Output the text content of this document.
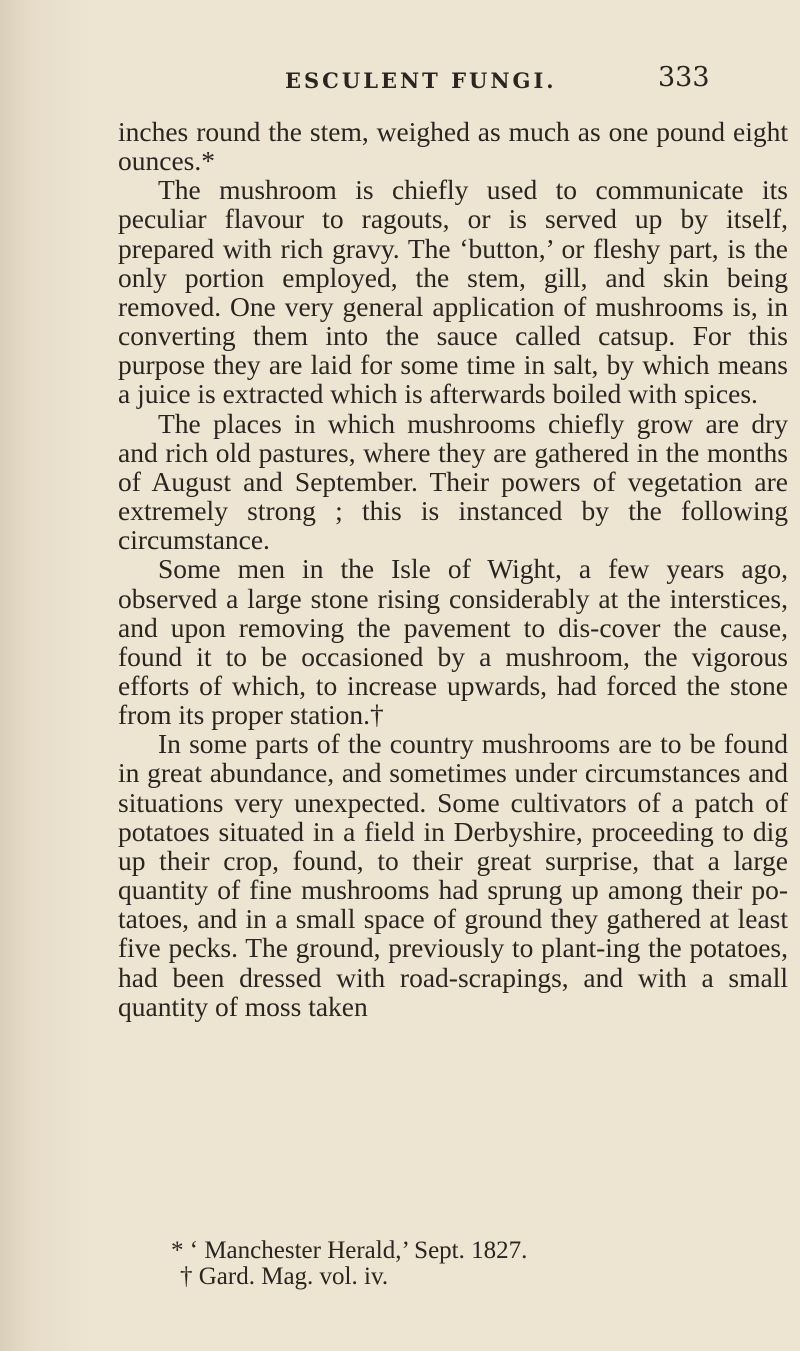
ESCULENT FUNGI.	333

inches round the stem, weighed as much as one pound eight ounces.*

The mushroom is chiefly used to communicate its peculiar flavour to ragouts, or is served up by itself, prepared with rich gravy. The ‘button,’ or fleshy part, is the only portion employed, the stem, gill, and skin being removed. One very general application of mushrooms is, in converting them into the sauce called catsup. For this purpose they are laid for some time in salt, by which means a juice is extracted which is afterwards boiled with spices.

The places in which mushrooms chiefly grow are dry and rich old pastures, where they are gathered in the months of August and September. Their powers of vegetation are extremely strong ; this is instanced by the following circumstance.

Some men in the Isle of Wight, a few years ago, observed a large stone rising considerably at the interstices, and upon removing the pavement to dis-cover the cause, found it to be occasioned by a mushroom, the vigorous efforts of which, to increase upwards, had forced the stone from its proper station.†

In some parts of the country mushrooms are to be found in great abundance, and sometimes under circumstances and situations very unexpected. Some cultivators of a patch of potatoes situated in a field in Derbyshire, proceeding to dig up their crop, found, to their great surprise, that a large quantity of fine mushrooms had sprung up among their po-tatoes, and in a small space of ground they gathered at least five pecks. The ground, previously to plant-ing the potatoes, had been dressed with road-scrapings, and with a small quantity of moss taken

* ‘ Manchester Herald,’ Sept. 1827.

† Gard. Mag. vol. iv.
